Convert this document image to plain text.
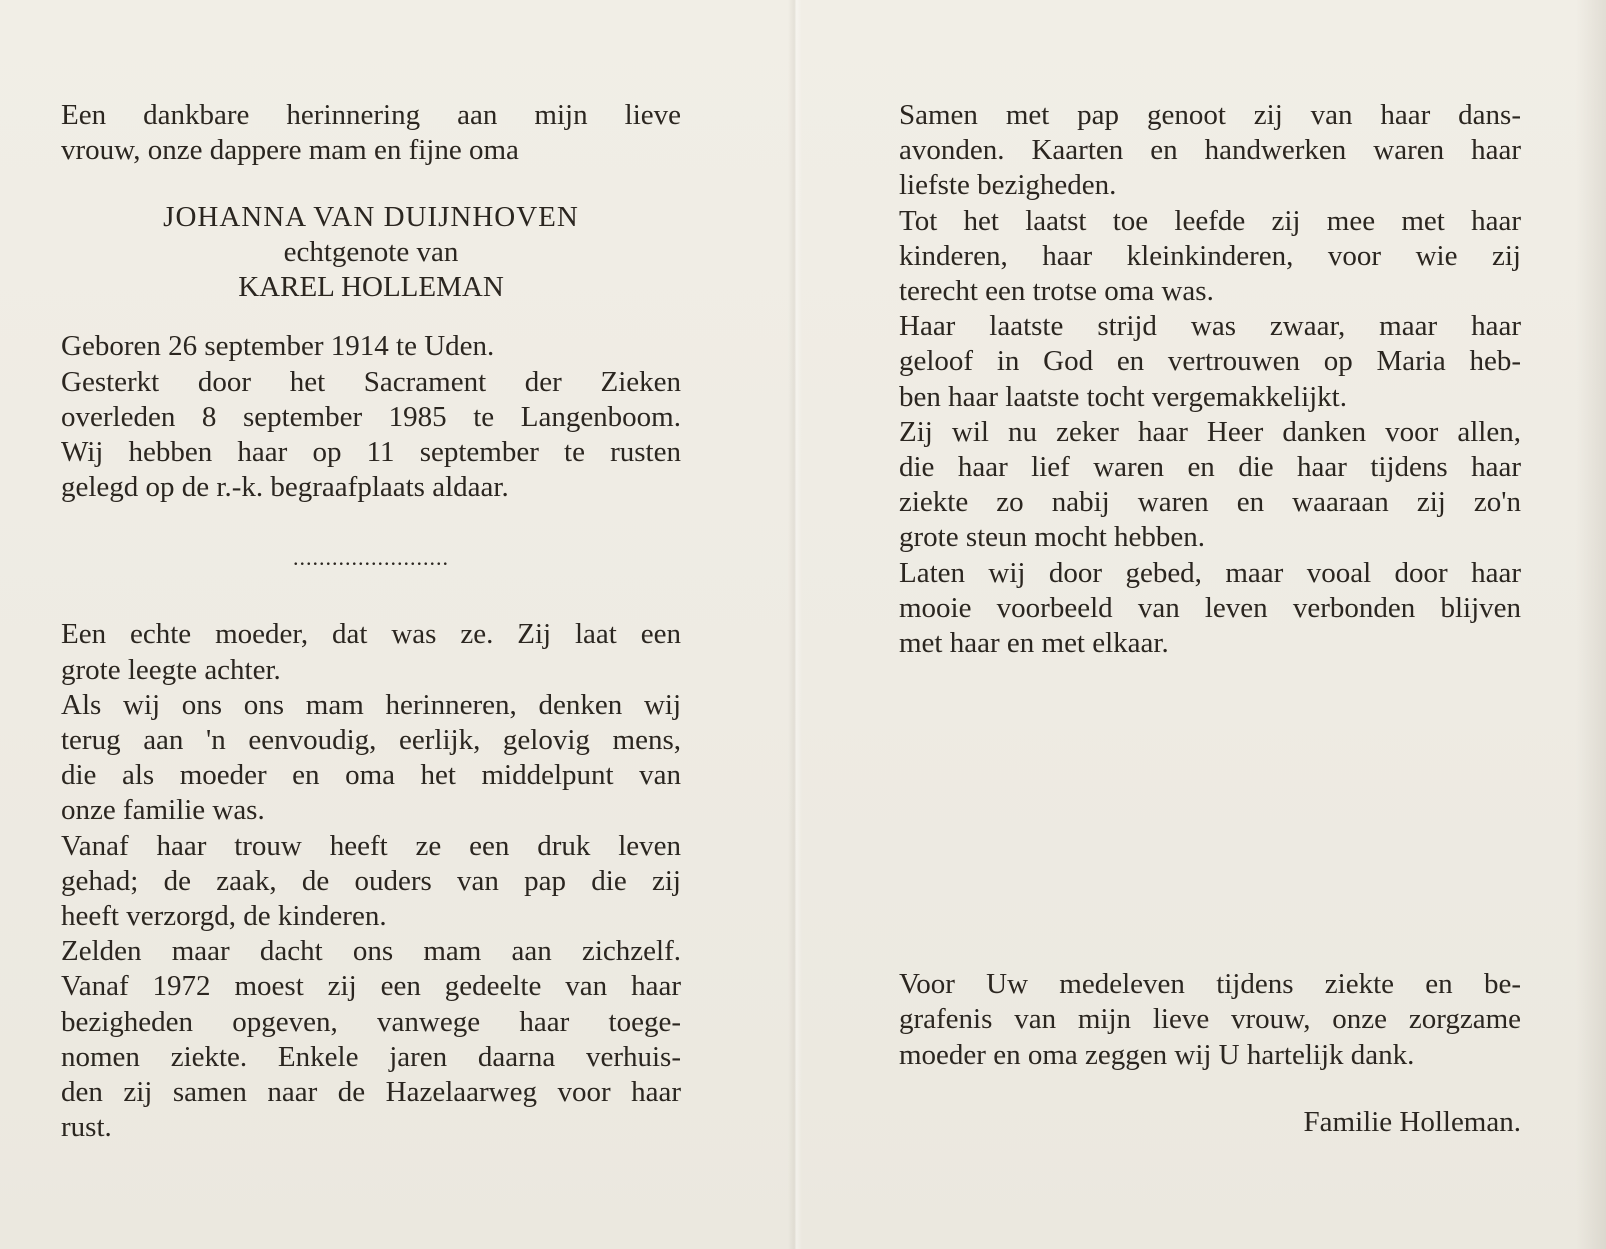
Een dankbare herinnering aan mijn lieve
vrouw, onze dappere mam en fijne oma
JOHANNA VAN DUIJNHOVEN
echtgenote van
KAREL HOLLEMAN
Geboren 26 september 1914 te Uden.
Gesterkt door het Sacrament der Zieken
overleden 8 september 1985 te Langenboom.
Wij hebben haar op 11 september te rusten
gelegd op de r.-k. begraafplaats aldaar.
........................
Een echte moeder, dat was ze. Zij laat een
grote leegte achter.
Als wij ons ons mam herinneren, denken wij
terug aan 'n eenvoudig, eerlijk, gelovig mens,
die als moeder en oma het middelpunt van
onze familie was.
Vanaf haar trouw heeft ze een druk leven
gehad; de zaak, de ouders van pap die zij
heeft verzorgd, de kinderen.
Zelden maar dacht ons mam aan zichzelf.
Vanaf 1972 moest zij een gedeelte van haar
bezigheden opgeven, vanwege haar toege-
nomen ziekte. Enkele jaren daarna verhuis-
den zij samen naar de Hazelaarweg voor haar
rust.
Samen met pap genoot zij van haar dans-
avonden. Kaarten en handwerken waren haar
liefste bezigheden.
Tot het laatst toe leefde zij mee met haar
kinderen, haar kleinkinderen, voor wie zij
terecht een trotse oma was.
Haar laatste strijd was zwaar, maar haar
geloof in God en vertrouwen op Maria heb-
ben haar laatste tocht vergemakkelijkt.
Zij wil nu zeker haar Heer danken voor allen,
die haar lief waren en die haar tijdens haar
ziekte zo nabij waren en waaraan zij zo'n
grote steun mocht hebben.
Laten wij door gebed, maar vooal door haar
mooie voorbeeld van leven verbonden blijven
met haar en met elkaar.
Voor Uw medeleven tijdens ziekte en be-
grafenis van mijn lieve vrouw, onze zorgzame
moeder en oma zeggen wij U hartelijk dank.
Familie Holleman.
